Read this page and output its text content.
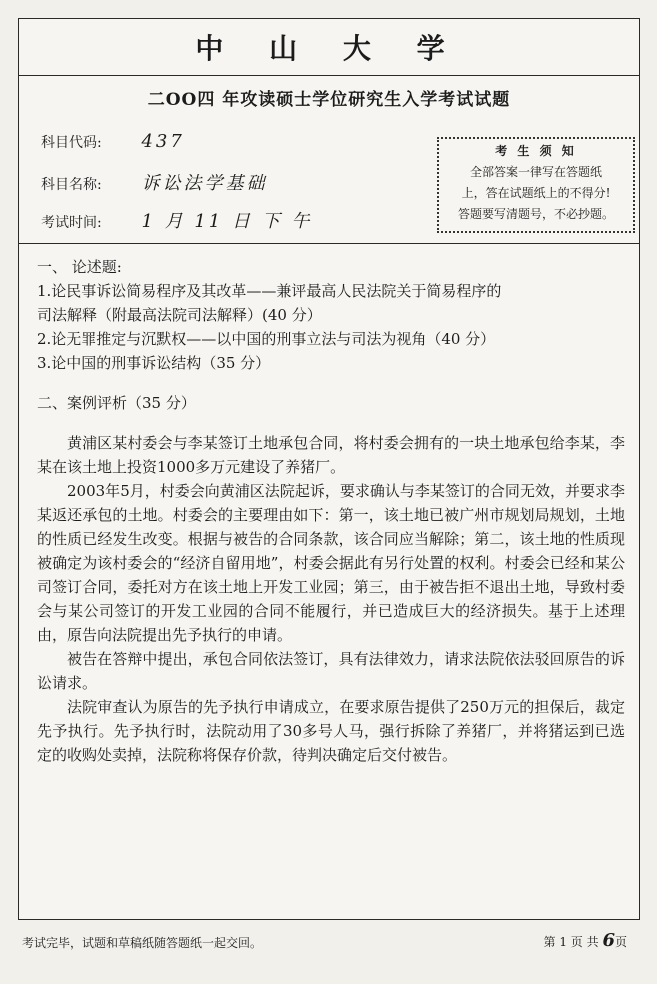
中 山 大 学
二OO四 年攻读硕士学位研究生入学考试试题
科目代码: 437
科目名称: 诉讼法学基础
考试时间: 1 月 11 日 下 午
考 生 须 知
全部答案一律写在答题纸
上，答在试题纸上的不得分!
答题要写清题号，不必抄题。

一、 论述题:

1.论民事诉讼简易程序及其改革——兼评最高人民法院关于简易程序的

司法解释（附最高法院司法解释）(40 分）

2.论无罪推定与沉默权——以中国的刑事立法与司法为视角（40 分）

3.论中国的刑事诉讼结构（35 分）

二、案例评析（35 分）

黄浦区某村委会与李某签订土地承包合同，将村委会拥有的一块土地承包给李某，李某在该土地上投资1000多万元建设了养猪厂。

2003年5月，村委会向黄浦区法院起诉，要求确认与李某签订的合同无效，并要求李某返还承包的土地。村委会的主要理由如下：第一，该土地已被广州市规划局规划，土地的性质已经发生改变。根据与被告的合同条款，该合同应当解除；第二，该土地的性质现被确定为该村委会的“经济自留用地”，村委会据此有另行处置的权利。村委会已经和某公司签订合同，委托对方在该土地上开发工业园；第三，由于被告拒不退出土地，导致村委会与某公司签订的开发工业园的合同不能履行，并已造成巨大的经济损失。基于上述理由，原告向法院提出先予执行的申请。

被告在答辩中提出，承包合同依法签订，具有法律效力，请求法院依法驳回原告的诉讼请求。

法院审查认为原告的先予执行申请成立，在要求原告提供了250万元的担保后，裁定先予执行。先予执行时，法院动用了30多号人马，强行拆除了养猪厂，并将猪运到已选定的收购处卖掉，法院称将保存价款，待判决确定后交付被告。

考试完毕，试题和草稿纸随答题纸一起交回。	第 1 页 共 6页
